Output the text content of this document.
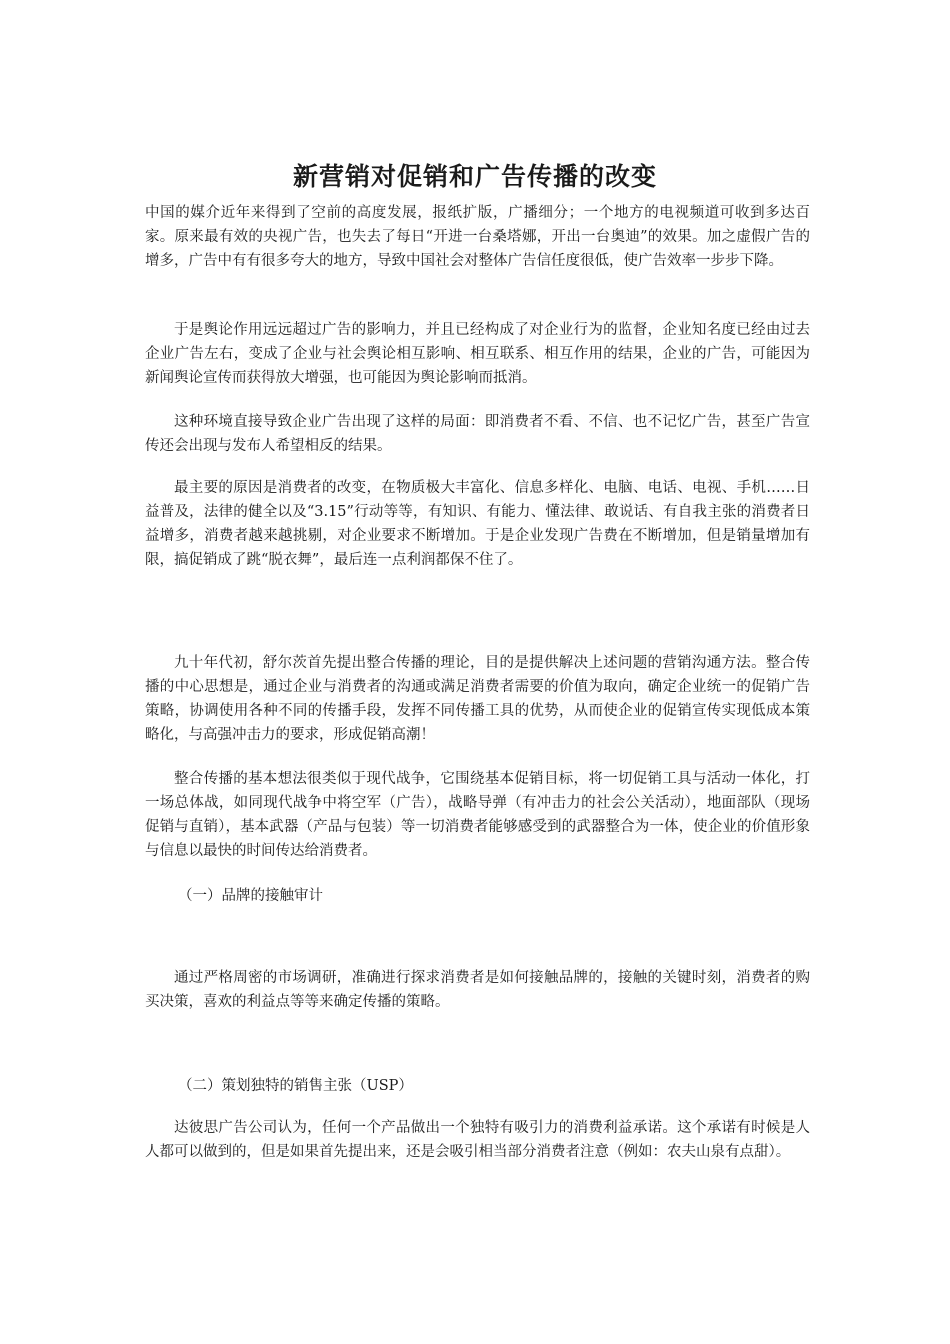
新营销对促销和广告传播的改变

中国的媒介近年来得到了空前的高度发展，报纸扩版，广播细分；一个地方的电视频道可收到多达百家。原来最有效的央视广告，也失去了每日“开进一台桑塔娜，开出一台奥迪”的效果。加之虚假广告的增多，广告中有有很多夸大的地方，导致中国社会对整体广告信任度很低，使广告效率一步步下降。

于是舆论作用远远超过广告的影响力，并且已经构成了对企业行为的监督，企业知名度已经由过去企业广告左右，变成了企业与社会舆论相互影响、相互联系、相互作用的结果，企业的广告，可能因为新闻舆论宣传而获得放大增强，也可能因为舆论影响而抵消。

这种环境直接导致企业广告出现了这样的局面：即消费者不看、不信、也不记忆广告，甚至广告宣传还会出现与发布人希望相反的结果。

最主要的原因是消费者的改变，在物质极大丰富化、信息多样化、电脑、电话、电视、手机……日益普及，法律的健全以及“3.15”行动等等，有知识、有能力、懂法律、敢说话、有自我主张的消费者日益增多，消费者越来越挑剔，对企业要求不断增加。于是企业发现广告费在不断增加，但是销量增加有限，搞促销成了跳“脱衣舞”，最后连一点利润都保不住了。

九十年代初，舒尔茨首先提出整合传播的理论，目的是提供解决上述问题的营销沟通方法。整合传播的中心思想是，通过企业与消费者的沟通或满足消费者需要的价值为取向，确定企业统一的促销广告策略，协调使用各种不同的传播手段，发挥不同传播工具的优势，从而使企业的促销宣传实现低成本策略化，与高强冲击力的要求，形成促销高潮！

整合传播的基本想法很类似于现代战争，它围绕基本促销目标，将一切促销工具与活动一体化，打一场总体战，如同现代战争中将空军（广告），战略导弹（有冲击力的社会公关活动），地面部队（现场促销与直销），基本武器（产品与包装）等一切消费者能够感受到的武器整合为一体，使企业的价值形象与信息以最快的时间传达给消费者。

（一）品牌的接触审计

通过严格周密的市场调研，准确进行探求消费者是如何接触品牌的，接触的关键时刻，消费者的购买决策，喜欢的利益点等等来确定传播的策略。

（二）策划独特的销售主张（USP）

达彼思广告公司认为，任何一个产品做出一个独特有吸引力的消费利益承诺。这个承诺有时候是人人都可以做到的，但是如果首先提出来，还是会吸引相当部分消费者注意（例如：农夫山泉有点甜）。
